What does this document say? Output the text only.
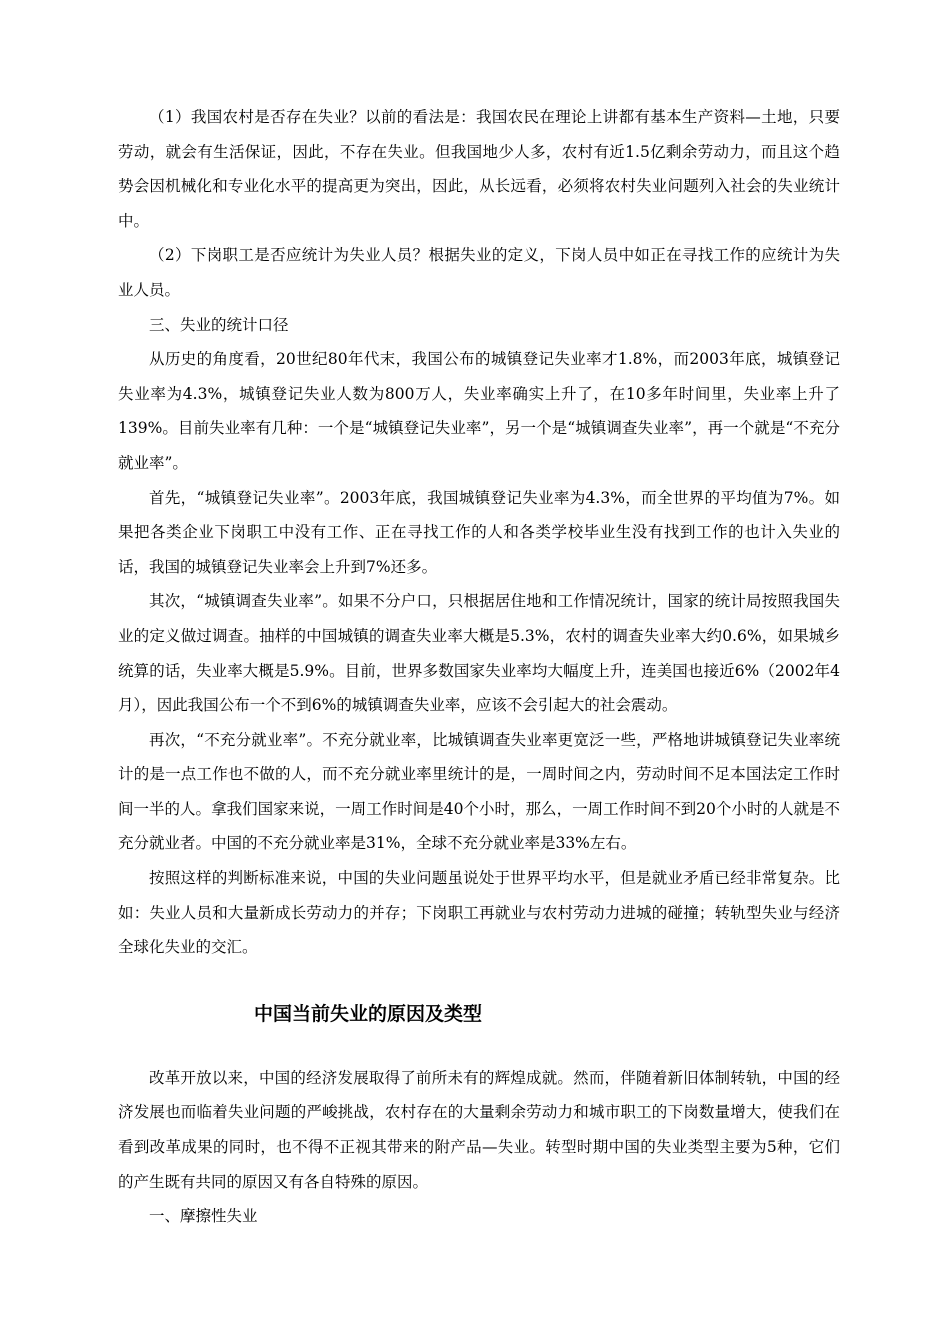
（1）我国农村是否存在失业？以前的看法是：我国农民在理论上讲都有基本生产资料—土地，只要劳动，就会有生活保证，因此，不存在失业。但我国地少人多，农村有近1.5亿剩余劳动力，而且这个趋势会因机械化和专业化水平的提高更为突出，因此，从长远看，必须将农村失业问题列入社会的失业统计中。

（2）下岗职工是否应统计为失业人员？根据失业的定义，下岗人员中如正在寻找工作的应统计为失业人员。

三、失业的统计口径

从历史的角度看，20世纪80年代末，我国公布的城镇登记失业率才1.8%，而2003年底，城镇登记失业率为4.3%，城镇登记失业人数为800万人，失业率确实上升了，在10多年时间里，失业率上升了139%。目前失业率有几种：一个是“城镇登记失业率”，另一个是“城镇调查失业率”，再一个就是“不充分就业率”。

首先，“城镇登记失业率”。2003年底，我国城镇登记失业率为4.3%，而全世界的平均值为7%。如果把各类企业下岗职工中没有工作、正在寻找工作的人和各类学校毕业生没有找到工作的也计入失业的话，我国的城镇登记失业率会上升到7%还多。

其次，“城镇调查失业率”。如果不分户口，只根据居住地和工作情况统计，国家的统计局按照我国失业的定义做过调查。抽样的中国城镇的调查失业率大概是5.3%，农村的调查失业率大约0.6%，如果城乡统算的话，失业率大概是5.9%。目前，世界多数国家失业率均大幅度上升，连美国也接近6%（2002年4月），因此我国公布一个不到6%的城镇调查失业率，应该不会引起大的社会震动。

再次，“不充分就业率”。不充分就业率，比城镇调查失业率更宽泛一些，严格地讲城镇登记失业率统计的是一点工作也不做的人，而不充分就业率里统计的是，一周时间之内，劳动时间不足本国法定工作时间一半的人。拿我们国家来说，一周工作时间是40个小时，那么，一周工作时间不到20个小时的人就是不充分就业者。中国的不充分就业率是31%，全球不充分就业率是33%左右。

按照这样的判断标准来说，中国的失业问题虽说处于世界平均水平，但是就业矛盾已经非常复杂。比如：失业人员和大量新成长劳动力的并存；下岗职工再就业与农村劳动力进城的碰撞；转轨型失业与经济全球化失业的交汇。

中国当前失业的原因及类型

改革开放以来，中国的经济发展取得了前所未有的辉煌成就。然而，伴随着新旧体制转轨，中国的经济发展也而临着失业问题的严峻挑战，农村存在的大量剩余劳动力和城市职工的下岗数量增大，使我们在看到改革成果的同时，也不得不正视其带来的附产品—失业。转型时期中国的失业类型主要为5种，它们的产生既有共同的原因又有各自特殊的原因。

一、摩擦性失业
